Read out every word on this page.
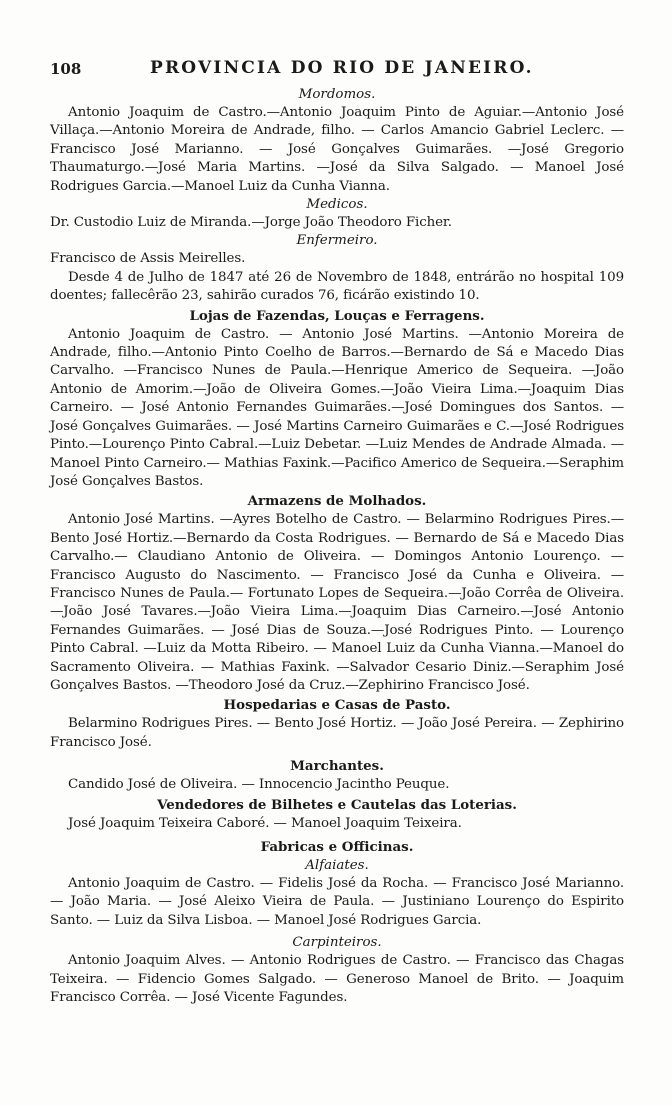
108	PROVINCIA DO RIO DE JANEIRO.
Mordomos.

Antonio Joaquim de Castro.—Antonio Joaquim Pinto de Aguiar.—Antonio José Villaça.—Antonio Moreira de Andrade, filho. — Carlos Amancio Gabriel Leclerc. —Francisco José Marianno. — José Gonçalves Guimarães. —José Gregorio Thaumaturgo.—José Maria Martins. —José da Silva Salgado. — Manoel José Rodrigues Garcia.—Manoel Luiz da Cunha Vianna.

Medicos.

Dr. Custodio Luiz de Miranda.—Jorge João Theodoro Ficher.

Enfermeiro.

Francisco de Assis Meirelles.

Desde 4 de Julho de 1847 até 26 de Novembro de 1848, entrárão no hospital 109 doentes; fallecêrão 23, sahirão curados 76, ficárão existindo 10.

Lojas de Fazendas, Louças e Ferragens.

Antonio Joaquim de Castro. — Antonio José Martins. —Antonio Moreira de Andrade, filho.—Antonio Pinto Coelho de Barros.—Bernardo de Sá e Macedo Dias Carvalho. —Francisco Nunes de Paula.—Henrique Americo de Sequeira. —João Antonio de Amorim.—João de Oliveira Gomes.—João Vieira Lima.—Joaquim Dias Carneiro. — José Antonio Fernandes Guimarães.—José Domingues dos Santos. — José Gonçalves Guimarães. — José Martins Carneiro Guimarães e C.—José Rodrigues Pinto.—Lourenço Pinto Cabral.—Luiz Debetar. —Luiz Mendes de Andrade Almada. — Manoel Pinto Carneiro.— Mathias Faxink.—Pacifico Americo de Sequeira.—Seraphim José Gonçalves Bastos.

Armazens de Molhados.

Antonio José Martins. —Ayres Botelho de Castro. — Belarmino Rodrigues Pires.—Bento José Hortiz.—Bernardo da Costa Rodrigues. — Bernardo de Sá e Macedo Dias Carvalho.— Claudiano Antonio de Oliveira. — Domingos Antonio Lourenço. — Francisco Augusto do Nascimento. — Francisco José da Cunha e Oliveira. —Francisco Nunes de Paula.— Fortunato Lopes de Sequeira.—João Corrêa de Oliveira.—João José Tavares.—João Vieira Lima.—Joaquim Dias Carneiro.—José Antonio Fernandes Guimarães. — José Dias de Souza.—José Rodrigues Pinto. — Lourenço Pinto Cabral. —Luiz da Motta Ribeiro. — Manoel Luiz da Cunha Vianna.—Manoel do Sacramento Oliveira. — Mathias Faxink. —Salvador Cesario Diniz.—Seraphim José Gonçalves Bastos. —Theodoro José da Cruz.—Zephirino Francisco José.

Hospedarias e Casas de Pasto.

Belarmino Rodrigues Pires. — Bento José Hortiz. — João José Pereira. — Zephirino Francisco José.

Marchantes.

Candido José de Oliveira. — Innocencio Jacintho Peuque.

Vendedores de Bilhetes e Cautelas das Loterias.

José Joaquim Teixeira Caboré. — Manoel Joaquim Teixeira.

Fabricas e Officinas.
Alfaiates.

Antonio Joaquim de Castro. — Fidelis José da Rocha. — Francisco José Marianno. — João Maria. — José Aleixo Vieira de Paula. — Justiniano Lourenço do Espirito Santo. — Luiz da Silva Lisboa. — Manoel José Rodrigues Garcia.

Carpinteiros.

Antonio Joaquim Alves. — Antonio Rodrigues de Castro. — Francisco das Chagas Teixeira. — Fidencio Gomes Salgado. — Generoso Manoel de Brito. — Joaquim Francisco Corrêa. — José Vicente Fagundes.
